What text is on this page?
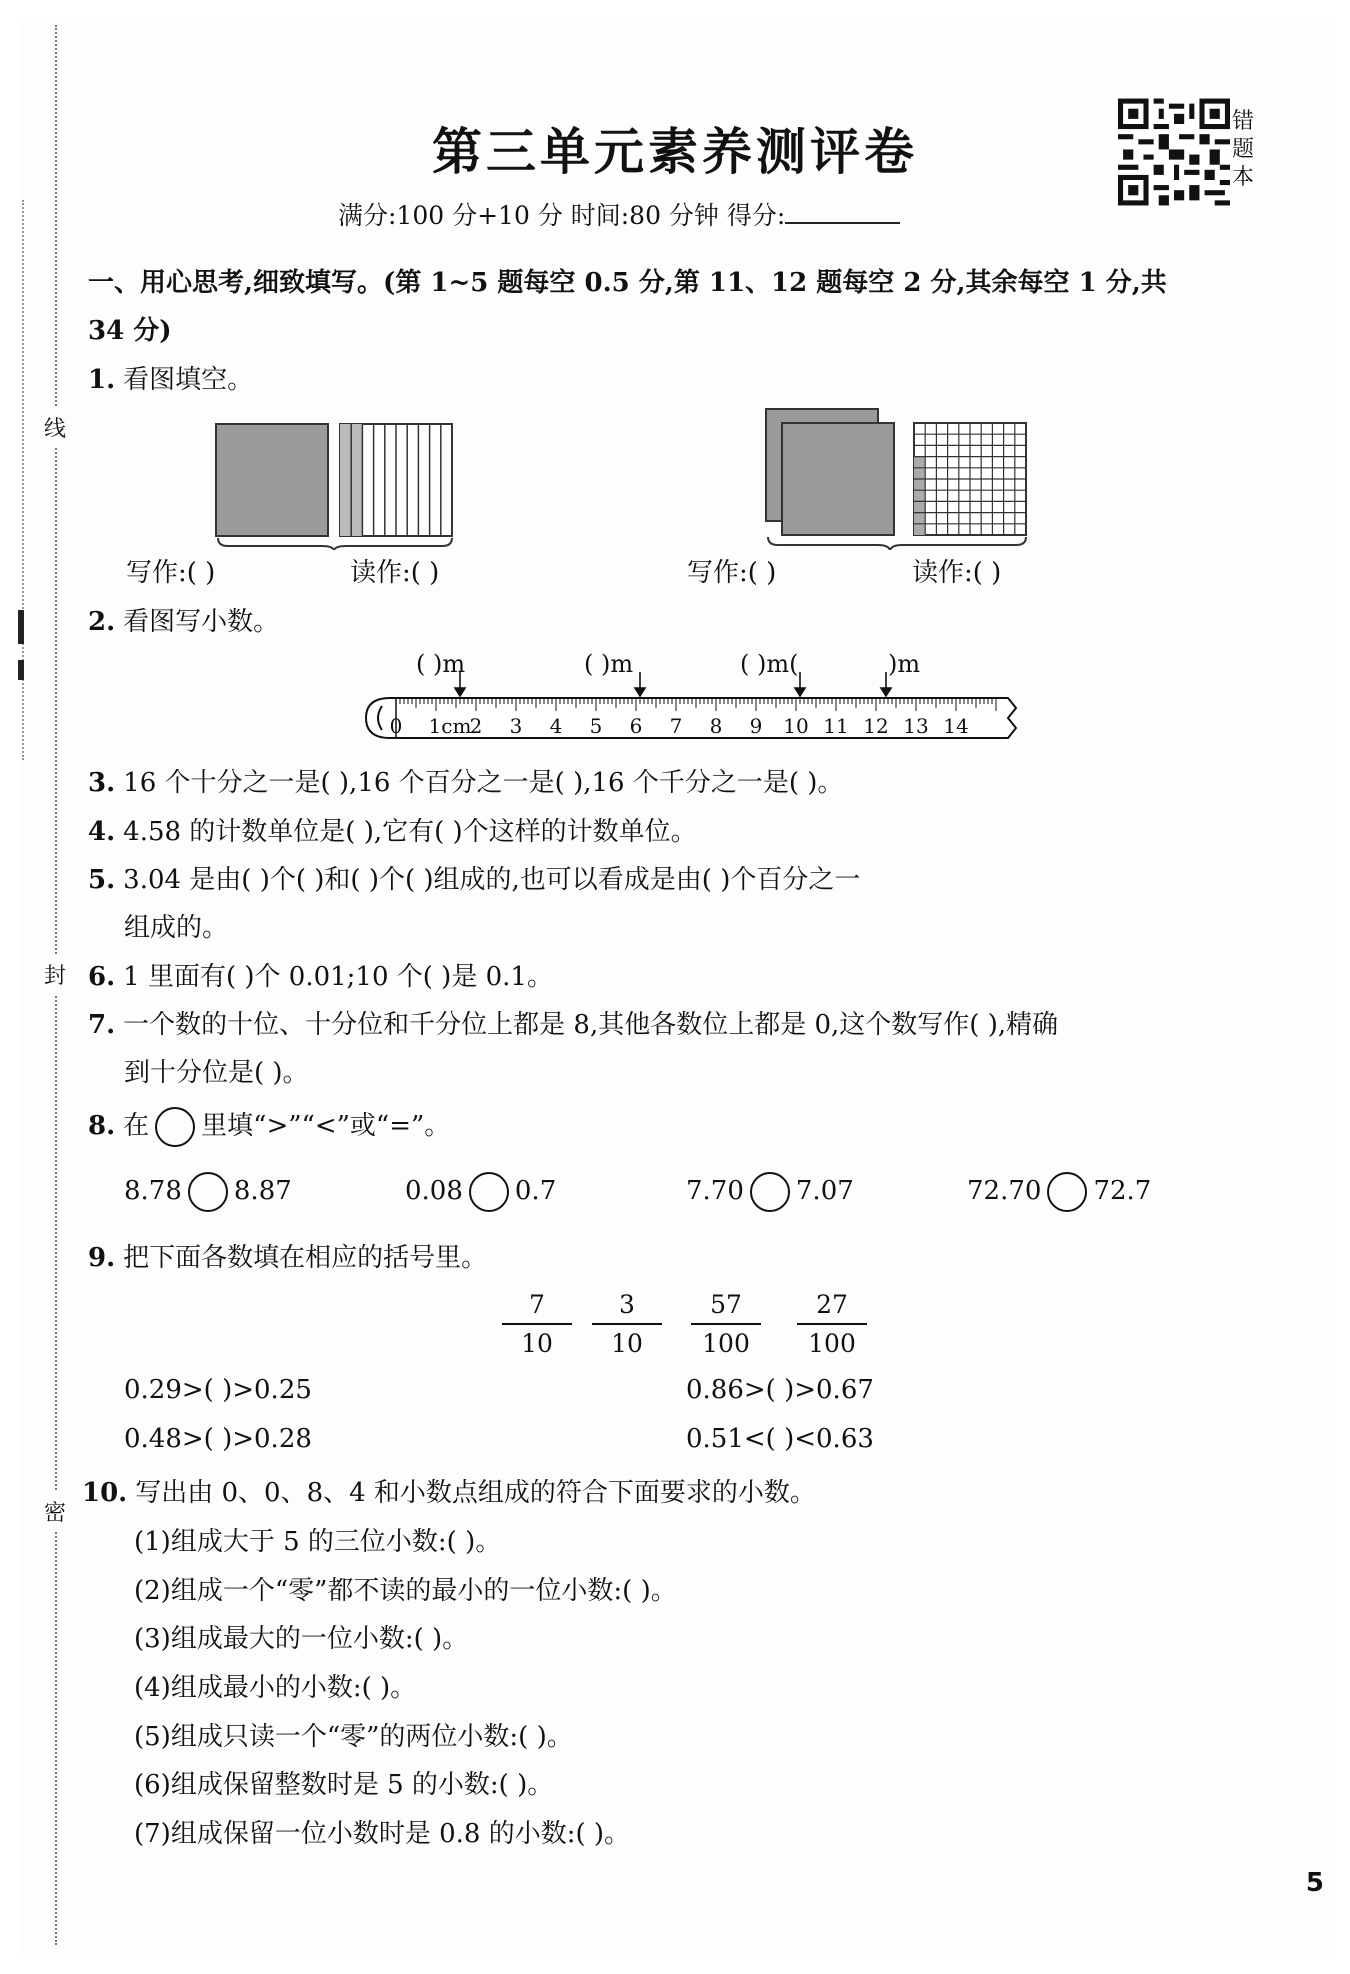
线
封
密
第三单元素养测评卷
满分:100 分+10 分 时间:80 分钟 得分:
错题本
一、用心思考,细致填写。(第 1~5 题每空 0.5 分,第 11、12 题每空 2 分,其余每空 1 分,共
34 分)
1. 看图填空。
写作:( )	读作:( )	写作:( )	读作:( )
2. 看图写小数。
( )m	( )m	( )m(	)m
0 1cm
2 3 4 5 6 7 8 9 10 11 12 13 14
3. 16 个十分之一是( ),16 个百分之一是( ),16 个千分之一是( )。
4. 4.58 的计数单位是( ),它有( )个这样的计数单位。
5. 3.04 是由( )个( )和( )个( )组成的,也可以看成是由( )个百分之一
组成的。
6. 1 里面有( )个 0.01;10 个( )是 0.1。
7. 一个数的十位、十分位和千分位上都是 8,其他各数位上都是 0,这个数写作( ),精确
到十分位是( )。
8. 在 里填“>”“<”或“=”。
8.78 8.87	0.08 0.7	7.70 7.07	72.70 72.7
9. 把下面各数填在相应的括号里。
$\frac{7}{10} \frac{3}{10} \frac{57}{100} \frac{27}{100}$
0.29>( )>0.25	0.86>( )>0.67
0.48>( )>0.28	0.51<( )<0.63
10. 写出由 0、0、8、4 和小数点组成的符合下面要求的小数。
(1)组成大于 5 的三位小数:( )。
(2)组成一个“零”都不读的最小的一位小数:( )。
(3)组成最大的一位小数:( )。
(4)组成最小的小数:( )。
(5)组成只读一个“零”的两位小数:( )。
(6)组成保留整数时是 5 的小数:( )。
(7)组成保留一位小数时是 0.8 的小数:( )。
5
